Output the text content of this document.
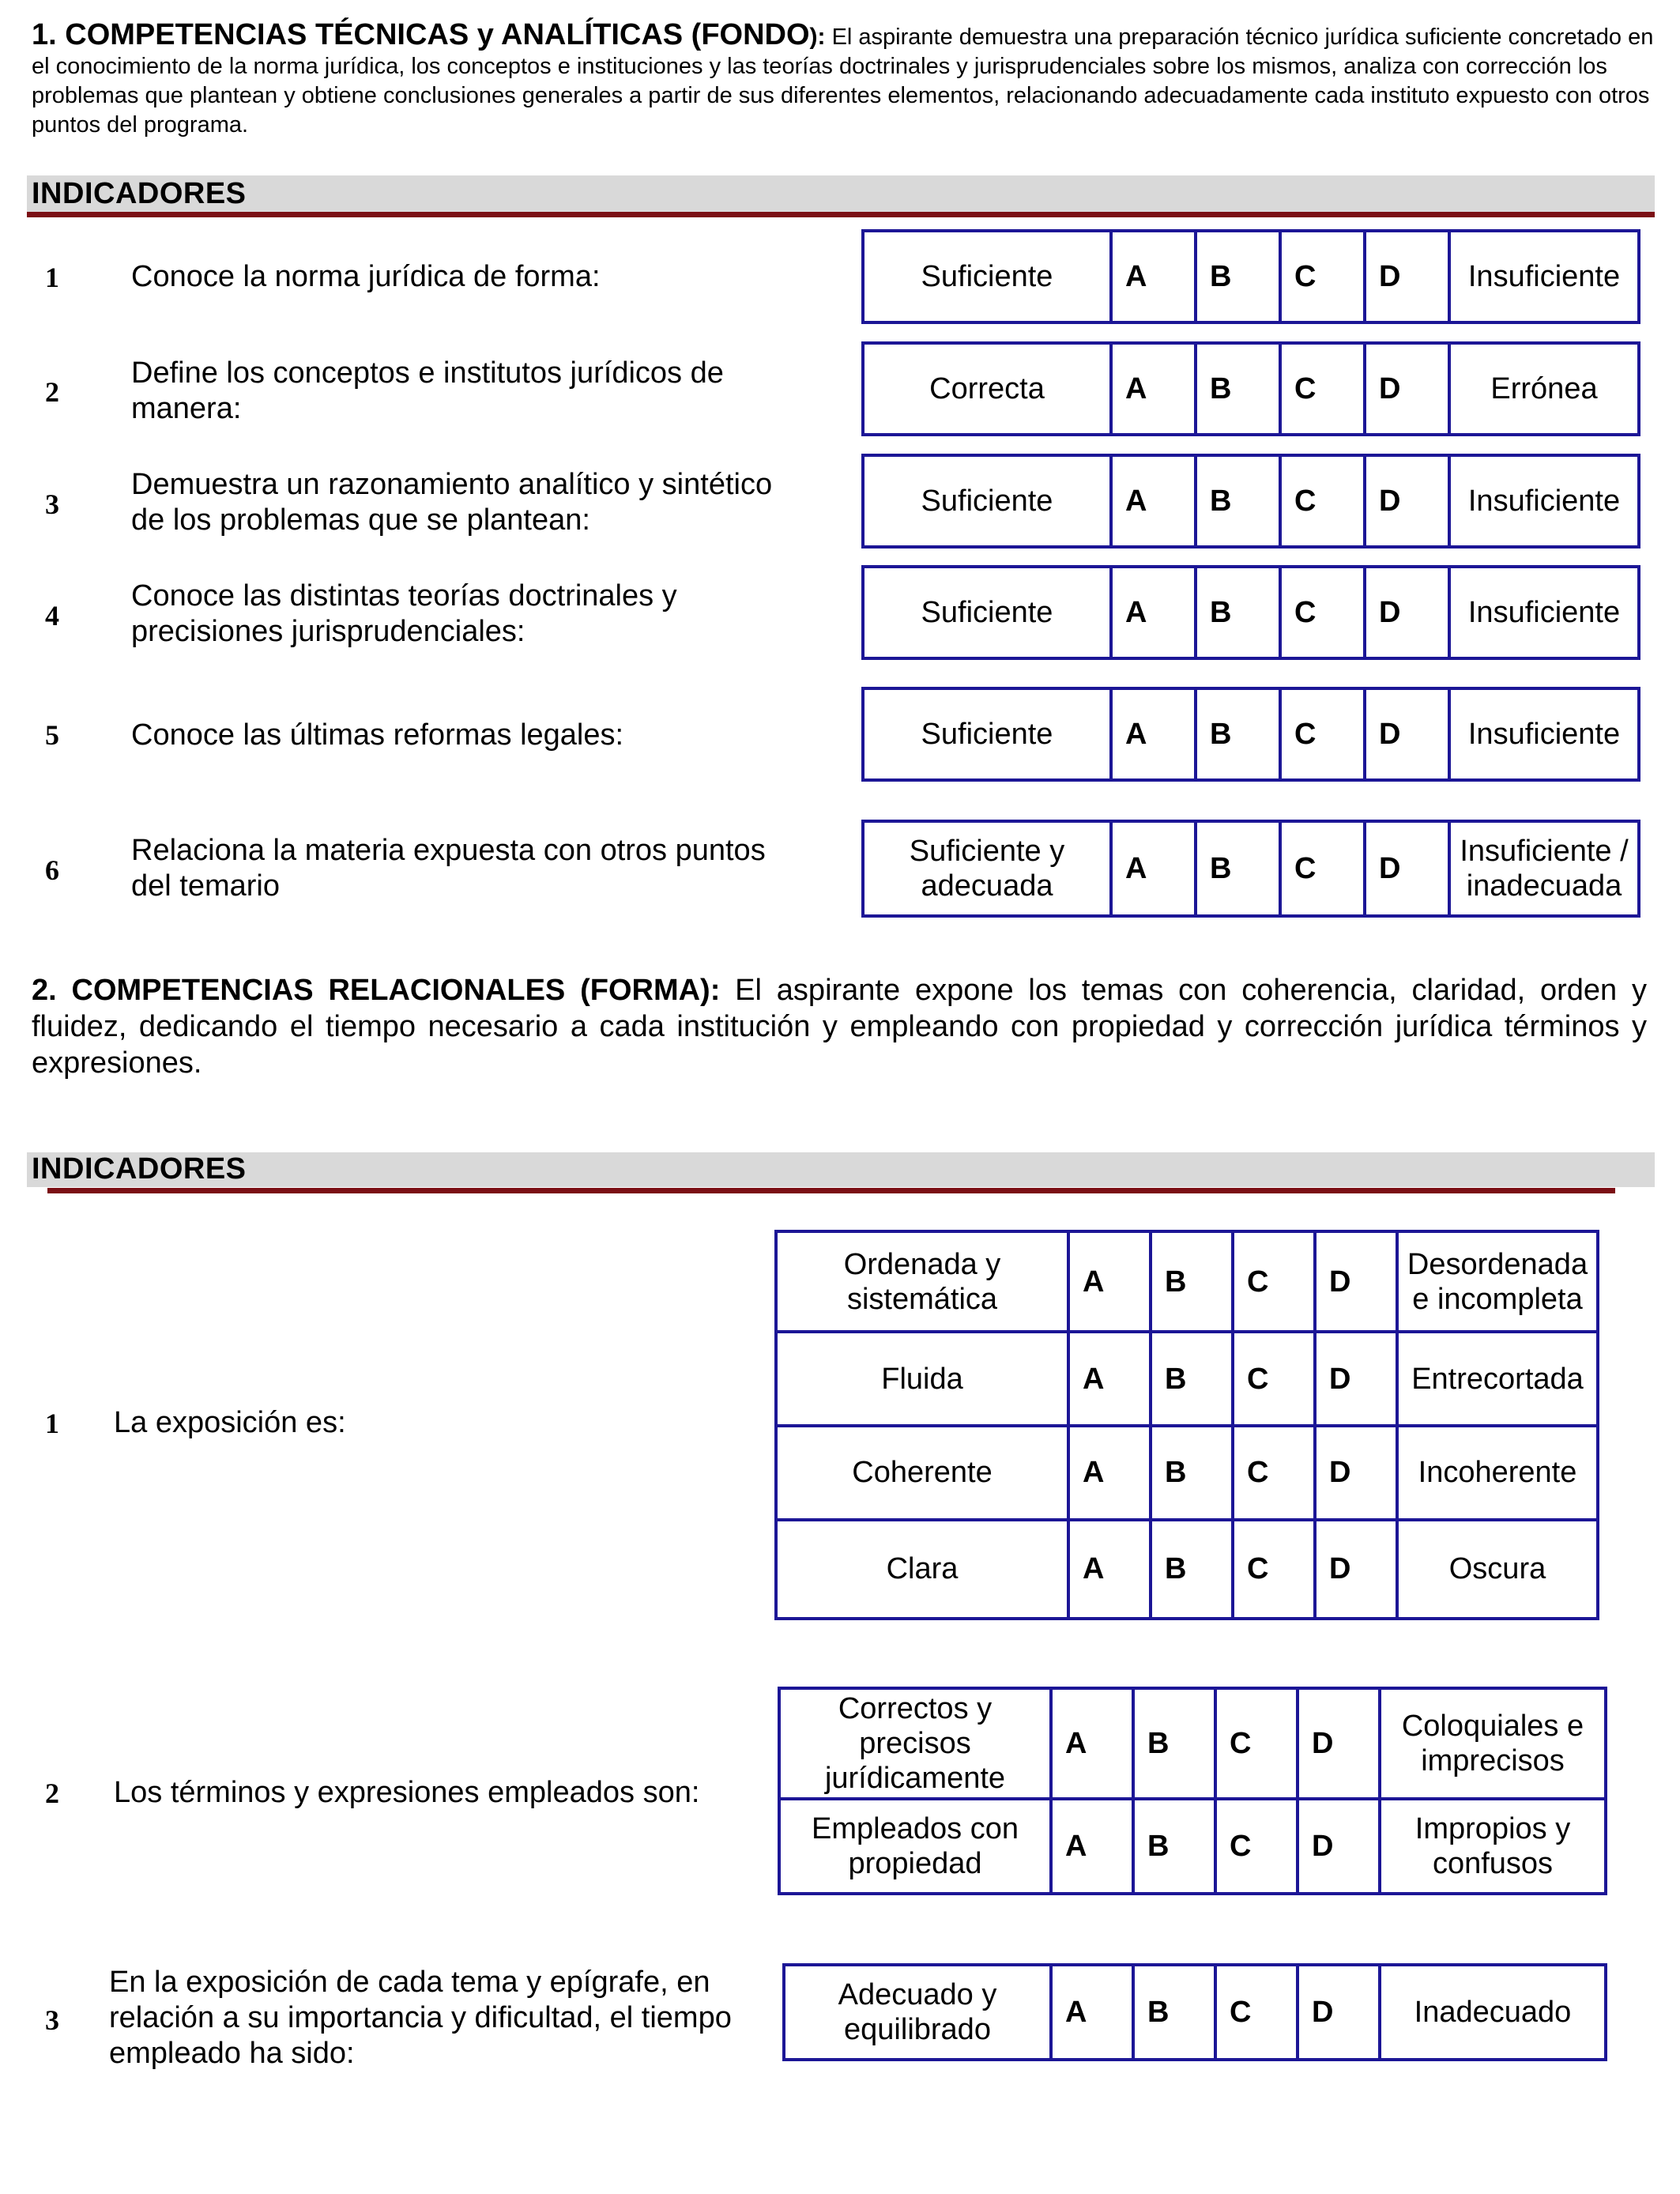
1. COMPETENCIAS TÉCNICAS y ANALÍTICAS (FONDO): El aspirante demuestra una preparación técnico jurídica suficiente concretado en el conocimiento de la norma jurídica, los conceptos e instituciones y las teorías doctrinales y jurisprudenciales sobre los mismos, analiza con corrección los problemas que plantean y obtiene conclusiones generales a partir de sus diferentes elementos, relacionando adecuadamente cada instituto expuesto con otros puntos del programa.
INDICADORES
1 Conoce la norma jurídica de forma:	Suficiente	A	B	C	D	Insuficiente
2
Define los conceptos e institutos jurídicos de manera:
Correcta	A	B	C	D	Errónea
3
Demuestra un razonamiento analítico y sintético de los problemas que se plantean:
Suficiente	A	B	C	D	Insuficiente
4
Conoce las distintas teorías doctrinales y precisiones jurisprudenciales:
Suficiente	A	B	C	D	Insuficiente
5 Conoce las últimas reformas legales:	Suficiente	A	B	C	D	Insuficiente
6
Relaciona la materia expuesta con otros puntos del temario
Suficiente y adecuada	A	B	C	D	Insuficiente / inadecuada
2. COMPETENCIAS RELACIONALES (FORMA): El aspirante expone los temas con coherencia, claridad, orden y fluidez, dedicando el tiempo necesario a cada institución y empleando con propiedad y corrección jurídica términos y expresiones.
INDICADORES
1 La exposición es:
Ordenada y sistemática	A	B	C	D	Desordenada e incompleta
Fluida	A	B	C	D	Entrecortada
Coherente	A	B	C	D	Incoherente
Clara	A	B	C	D	Oscura
2 Los términos y expresiones empleados son:
Correctos y precisos jurídicamente	A	B	C	D	Coloquiales e imprecisos
Empleados con propiedad	A	B	C	D	Impropios y confusos
3
En la exposición de cada tema y epígrafe, en relación a su importancia y dificultad, el tiempo empleado ha sido:
Adecuado y equilibrado	A	B	C	D	Inadecuado
